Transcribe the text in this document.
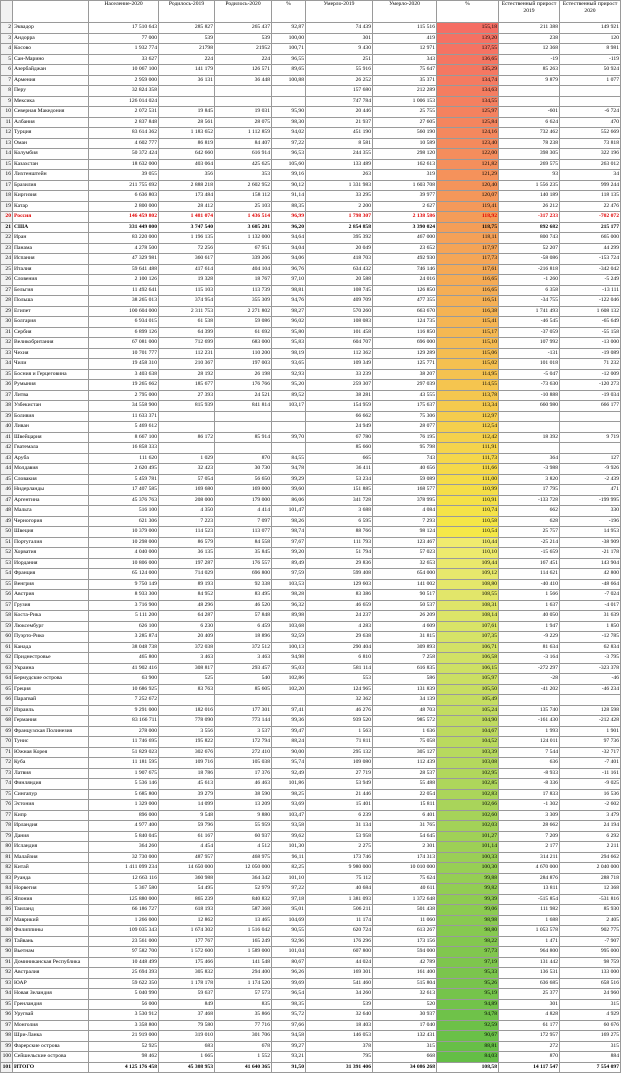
		Население-2020	Родилось-2019	Родилось-2020	%	Умерло-2019	Умерло-2020	%	Естественный прирост 2019	Естественный прирост 2020
2	Эквадор	17 510 643	285 827	265 437	92,87	74 439	115 516	155,18	211 388	149 921
3	Андорра	77 000	539	539	100,00	301	419	139,20	238	120
4	Косово	1 932 774	21798	21952	100,71	9 430	12 971	137,55	12 368	8 981
5	Сан-Марино	33 627	224	224	96,55	251	343	136,65	-19	-119
6	Азербайджан	10 067 100	141 179	126 571	89,65	55 916	75 647	135,29	85 263	50 924
7	Армения	2 959 000	36 131	36 448	100,88	26 252	35 371	134,74	9 879	1 077
8	Перу	32 824 358				157 680	212 289	134,63		
9	Мексика	126 014 024				747 784	1 006 153	134,55		
10	Северная Македония	2 072 531	19 845	19 031	95,90	20 446	25 755	125,97	-601	-6 724
11	Албания	2 837 848	28 561	28 075	98,30	21 937	27 605	125,84	6 624	470
12	Турция	83 614 362	1 183 652	1 112 859	94,02	451 190	560 190	124,16	732 462	552 669
13	Оман	4 602 777	86 819	84 407	97,22	8 581	10 589	123,40	78 238	73 818
14	Колумбия	50 372 424	642 660	616 914	96,53	244 355	298 120	122,00	398 305	322 196
15	Казахстан	18 632 000	403 064	425 625	105,60	133 489	162 613	121,82	269 575	263 012
16	Лихтенштейн	39 055	356	353	99,16	263	319	121,29	93	34
17	Бразилия	211 755 692	2 888 218	2 602 952	90,12	1 331 983	1 603 708	120,40	1 556 235	999 244
18	Киргизия	6 636 803	173 484	158 112	91,14	33 295	39 977	120,07	140 189	118 135
19	Катар	2 800 000	28 412	25 103	88,35	2 200	2 627	119,41	26 212	22 476
20	Россия	146 459 802	1 481 074	1 436 514	96,99	1 798 307	2 138 586	118,92	-317 233	-702 072
21	США	331 449 000	3 747 540	3 605 201	96,20	2 854 858	3 390 024	118,75	892 682	215 177
22	Иран	83 220 000	1 196 135	1 132 000	94,64	395 392	467 000	118,11	800 743	665 000
23	Панама	4 278 500	72 256	67 951	94,04	20 049	23 652	117,97	52 207	44 299
24	Испания	47 329 981	360 617	339 206	94,06	418 703	492 930	117,73	-58 086	-153 724
25	Италия	59 641 488	417 614	404 104	96,76	634 432	746 146	117,61	-216 818	-342 042
26	Словения	2 100 126	19 328	18 767	97,10	20 588	24 016	116,65	-1 260	-5 249
27	Бельгия	11 492 641	115 103	113 739	98,81	108 745	126 850	116,65	6 358	-13 111
28	Польша	38 265 013	374 954	355 309	94,76	409 709	477 355	116,51	-34 755	-122 046
29	Египет	100 604 000	2 311 753	2 271 802	98,27	570 260	663 670	116,38	1 741 493	1 608 132
30	Болгария	6 934 015	61 538	59 086	96,02	108 083	124 735	115,41	-46 545	-65 649
31	Сербия	6 899 126	64 399	61 692	95,80	101 458	116 850	115,17	-37 059	-55 158
32	Великобритания	67 081 000	712 699	683 000	95,83	604 707	696 000	115,10	107 992	-13 000
33	Чехия	10 701 777	112 231	110 200	98,19	112 362	129 289	115,06	-131	-19 089
34	Чили	19 458 310	210 367	197 003	93,65	109 349	125 771	115,02	101 018	71 232
35	Босния и Герцеговина	3 403 638	28 192	26 198	92,93	33 239	38 207	114,95	-5 047	-12 009
36	Румыния	19 265 662	185 677	176 766	95,20	259 307	297 039	114,55	-73 630	-120 273
37	Литва	2 795 000	27 393	24 521	89,52	38 281	43 555	113,78	-10 888	-19 034
38	Узбекистан	34 558 900	815 939	841 814	103,17	154 959	175 637	113,34	660 980	666 177
39	Боливия	11 633 371				66 662	75 306	112,97		
40	Ливан	5 469 612				24 949	28 077	112,54		
41	Швейцария	8 667 100	86 172	85 914	99,70	67 780	76 195	112,42	18 392	9 719
42	Гватемала	16 858 333				85 660	95 798	111,91		
43	Аруба	111 620	1 029	870	84,55	665	743	111,73	364	127
44	Молдавия	2 620 495	32 423	30 730	94,78	36 411	40 656	111,66	-3 988	-9 926
45	Словакия	5 459 781	57 054	56 650	99,29	53 234	59 089	111,00	3 820	-2 439
46	Нидерланды	17 407 585	169 680	169 000	99,60	151 885	168 577	110,99	17 795	471
47	Аргентина	45 376 763	208 000	179 000	86,06	341 728	378 995	110,91	-133 728	-199 995
48	Мальта	516 100	4 350	4 414	101,47	3 688	4 084	110,74	662	330
49	Черногория	621 306	7 223	7 097	98,26	6 595	7 293	110,58	628	-196
50	Швеция	10 379 000	114 523	113 077	98,74	88 766	98 124	110,54	25 757	14 953
51	Португалия	10 298 000	86 579	84 558	97,67	111 793	123 467	110,44	-25 214	-38 909
52	Хорватия	4 040 000	36 135	35 845	99,20	51 794	57 023	110,10	-15 659	-21 178
53	Иордания	10 806 000	197 287	176 557	89,49	29 836	32 653	109,44	167 451	143 904
54	Франция	65 124 000	714 029	696 800	97,59	599 408	654 000	109,12	114 621	42 800
55	Венгрия	9 750 149	89 193	92 338	103,53	129 603	141 002	108,80	-40 410	-48 664
56	Австрия	8 933 300	84 952	83 495	98,28	83 386	90 517	108,55	1 566	-7 024
57	Грузия	3 716 900	48 296	46 520	96,32	46 659	50 537	108,31	1 637	-4 017
58	Коста-Рика	5 111 200	64 287	57 848	89,98	24 237	26 209	108,14	40 050	31 639
59	Люксембург	626 100	6 230	6 459	103,68	4 283	4 609	107,61	1 947	1 850
60	Пуэрто-Рико	3 285 874	20 409	18 896	92,59	29 638	31 815	107,35	-9 229	-12 785
61	Канада	38 048 738	372 038	372 512	100,13	290 404	309 893	106,71	81 634	62 834
62	Приднестровье	465 800	3 463	3 463	94,98	6 810	7 258	106,58	-3 164	-3 795
63	Украина	41 902 416	308 817	293 457	95,03	581 114	616 835	106,15	-272 297	-323 378
64	Бермудские острова	63 900	525	540	102,86	553	586	105,97	-28	-46
65	Греция	10 686 925	83 763	85 605	102,20	124 965	131 839	105,50	-41 202	-46 234
66	Парагвай	7 252 672				32 362	34 139	105,49		
67	Израиль	9 291 000	182 016	177 301	97,41	46 276	48 703	105,24	135 740	128 598
68	Германия	83 166 711	778 090	773 144	99,36	939 520	985 572	104,90	-161 430	-212 428
69	Французская Полинезия	278 000	3 556	3 537	99,47	1 563	1 636	104,67	1 993	1 901
70	Тунис	11 746 695	195 822	172 794	88,24	71 811	75 058	104,52	124 011	97 736
71	Южная Корея	51 829 023	302 676	272 410	90,00	295 132	305 127	103,39	7 544	-32 717
72	Куба	11 181 595	109 716	105 038	95,74	109 080	112 439	103,08	636	-7 401
73	Латвия	1 907 675	18 786	17 376	92,49	27 719	28 537	102,95	-8 933	-11 161
74	Финляндия	5 536 146	45 613	46 463	101,86	53 949	55 488	102,85	-8 336	-9 025
75	Сингапур	5 685 800	39 279	38 590	98,25	21 446	22 054	102,83	17 833	16 536
76	Эстония	1 329 000	14 099	13 209	93,69	15 401	15 811	102,66	-1 302	-2 602
77	Кипр	896 000	9 548	9 880	103,47	6 239	6 401	102,60	3 309	3 479
78	Ирландия	4 977 400	59 796	55 959	93,58	31 134	31 765	102,03	28 662	24 194
79	Дания	5 840 045	61 167	60 937	99,62	53 958	54 645	101,27	7 209	6 292
80	Исландия	364 260	4 454	4 512	101,30	2 275	2 301	101,14	2 177	2 211
81	Малайзия	32 730 000	487 957	468 975	96,11	173 746	174 313	100,33	314 211	294 662
82	Китай	1 411 099 234	14 650 000	12 050 000	82,25	9 980 000	10 010 000	100,30	4 670 000	2 040 000
83	Руанда	12 663 116	360 988	364 342	101,10	75 112	75 624	99,88	284 876	288 718
84	Норвегия	5 367 580	54 495	52 979	97,22	40 684	40 611	99,82	13 811	12 368
85	Япония	125 880 000	865 239	840 832	97,18	1 381 093	1 372 648	99,39	-515 854	-531 816
86	Таиланд	66 186 727	618 193	587 368	95,01	506 211	501 438	99,06	111 982	85 930
87	Маврикий	1 266 000	12 862	13 465	104,69	11 174	11 060	98,98	1 688	2 405
88	Филиппины	109 035 343	1 674 302	1 516 042	90,55	620 724	613 267	98,80	1 053 578	902 775
89	Тайвань	23 561 000	177 767	165 249	92,96	176 296	173 156	98,22	1 471	-7 907
90	Вьетнам	97 582 700	1 572 600	1 589 000	101,04	607 800	594 000	97,73	964 800	995 000
91	Доминиканская Республика	10 448 499	175 466	141 548	80,67	44 024	42 789	97,19	131 442	98 759
92	Австралия	25 694 393	305 832	294 400	96,26	169 301	161 400	95,33	136 531	133 000
93	ЮАР	59 622 350	1 178 178	1 174 520	99,69	541 460	515 804	95,26	636 685	658 516
94	Новая Зеландия	5 040 990	59 637	57 573	96,54	34 260	32 613	95,19	25 377	24 960
95	Гренландия	56 000	849	835	98,35	539	520	94,89	301	315
96	Уругвай	3 530 912	37 468	35 866	95,72	32 640	30 937	94,78	4 828	4 929
97	Монголия	3 358 800	79 580	77 716	97,66	18 403	17 040	92,59	61 177	60 676
98	Шри-Ланка	21 919 000	319 010	301 706	94,58	146 053	132 431	90,67	172 957	169 275
99	Фарерские острова	52 925	683	678	99,27	378	315	88,81	272	315
100	Сейшельские острова	98 462	1 665	1 552	93,21	795	668	84,03	870	884
101	ИТОГО	4 125 176 458	45 308 953	41 640 365	91,50	31 391 406	34 086 268	108,58	14 117 547	7 554 097
